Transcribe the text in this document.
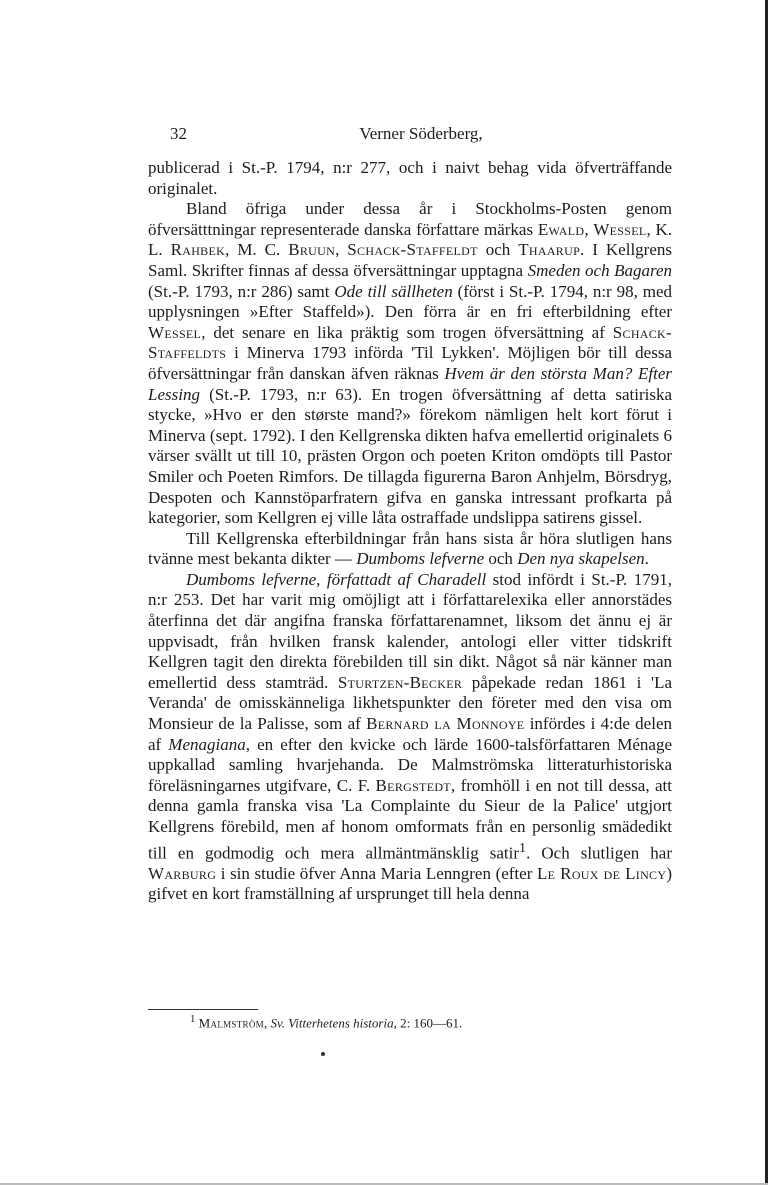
32	Verner Söderberg,

publicerad i St.-P. 1794, n:r 277, och i naivt behag vida öfverträffande originalet.

Bland öfriga under dessa år i Stockholms-Posten genom öfversätttningar representerade danska författare märkas Ewald, Wessel, K. L. Rahbek, M. C. Bruun, Schack-Staffeldt och Thaarup. I Kellgrens Saml. Skrifter finnas af dessa öfversättningar upptagna Smeden och Bagaren (St.-P. 1793, n:r 286) samt Ode till sällheten (först i St.-P. 1794, n:r 98, med upplysningen »Efter Staffeld»). Den förra är en fri efterbildning efter Wessel, det senare en lika präktig som trogen öfversättning af Schack-Staffeldts i Minerva 1793 införda 'Til Lykken'. Möjligen bör till dessa öfversättningar från danskan äfven räknas Hvem är den största Man? Efter Lessing (St.-P. 1793, n:r 63). En trogen öfversättning af detta satiriska stycke, »Hvo er den største mand?» förekom nämligen helt kort förut i Minerva (sept. 1792). I den Kellgrenska dikten hafva emellertid originalets 6 värser svällt ut till 10, prästen Orgon och poeten Kriton omdöpts till Pastor Smiler och Poeten Rimfors. De tillagda figurerna Baron Anhjelm, Börsdryg, Despoten och Kannstöparfratern gifva en ganska intressant profkarta på kategorier, som Kellgren ej ville låta ostraffade undslippa satirens gissel.

Till Kellgrenska efterbildningar från hans sista år höra slutligen hans tvänne mest bekanta dikter — Dumboms lefverne och Den nya skapelsen.

Dumboms lefverne, författadt af Charadell stod infördt i St.-P. 1791, n:r 253. Det har varit mig omöjligt att i författarelexika eller annorstädes återfinna det där angifna franska författarenamnet, liksom det ännu ej är uppvisadt, från hvilken fransk kalender, antologi eller vitter tidskrift Kellgren tagit den direkta förebilden till sin dikt. Något så när känner man emellertid dess stamträd. Sturtzen-Becker påpekade redan 1861 i 'La Veranda' de omisskänneliga likhetspunkter den företer med den visa om Monsieur de la Palisse, som af Bernard la Monnoye infördes i 4:de delen af Menagiana, en efter den kvicke och lärde 1600-talsförfattaren Ménage uppkallad samling hvarjehanda. De Malmströmska litteraturhistoriska föreläsningarnes utgifvare, C. F. Bergstedt, fromhöll i en not till dessa, att denna gamla franska visa 'La Complainte du Sieur de la Palice' utgjort Kellgrens förebild, men af honom omformats från en personlig smädedikt till en godmodig och mera allmäntmänsklig satir$^1$. Och slutligen har Warburg i sin studie öfver Anna Maria Lenngren (efter Le Roux de Lincy) gifvet en kort framställning af ursprunget till hela denna

$^1$ Malmström, Sv. Vitterhetens historia, 2: 160—61.
